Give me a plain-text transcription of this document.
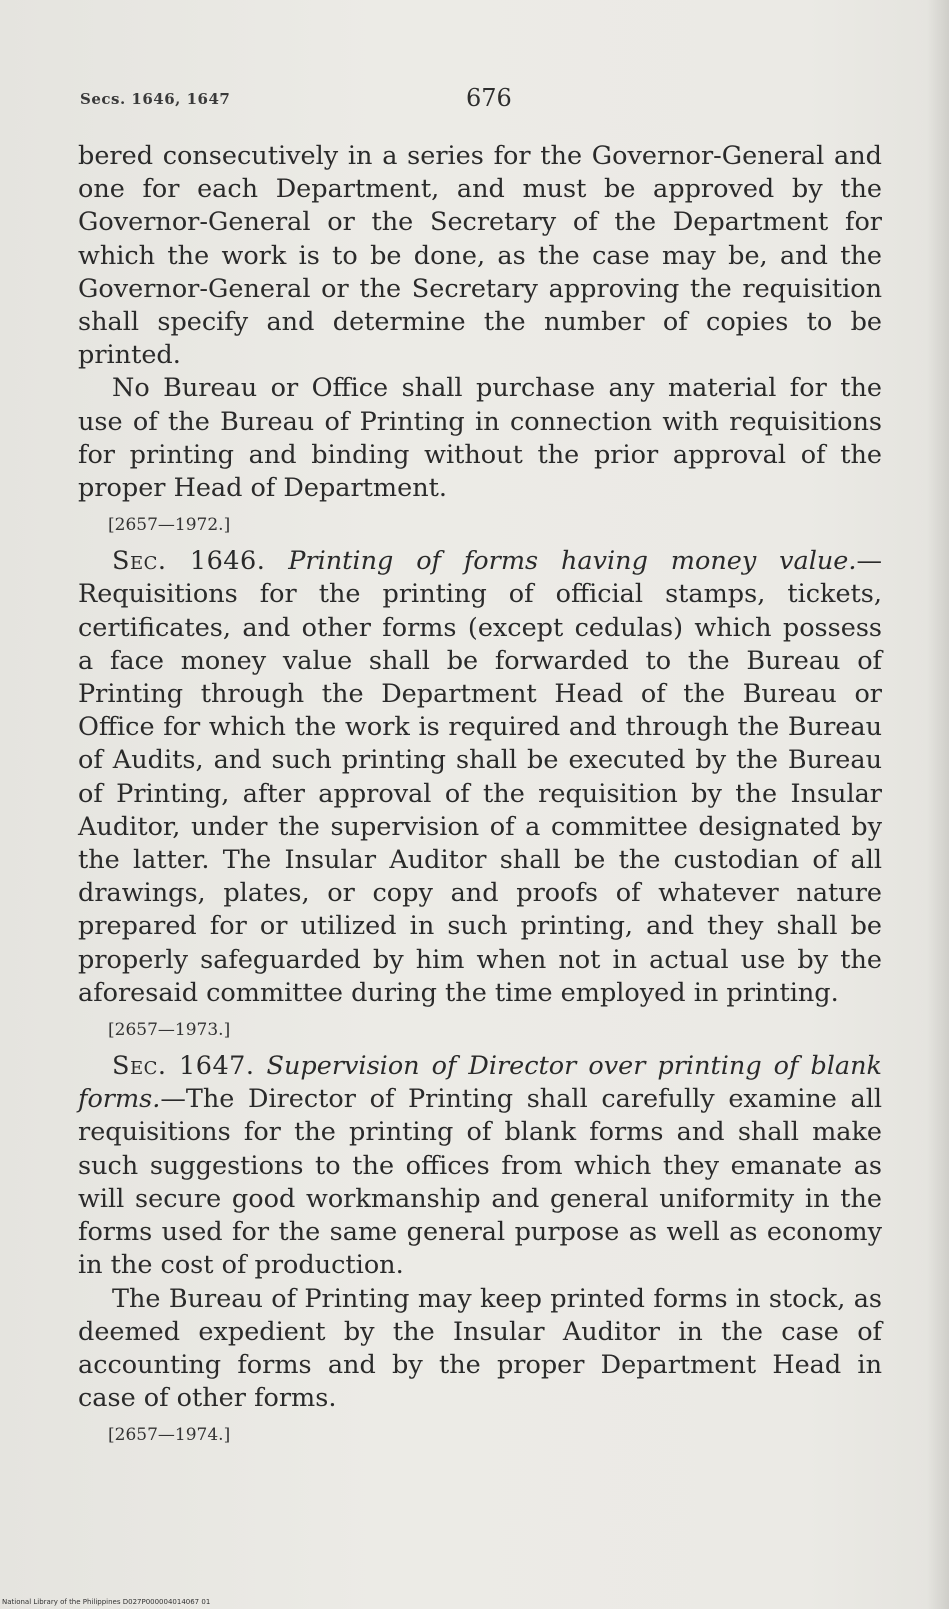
Secs. 1646, 1647	676

bered consecutively in a series for the Governor-General and one for each Department, and must be approved by the Governor-General or the Secretary of the Department for which the work is to be done, as the case may be, and the Governor-General or the Secretary approving the requisition shall specify and determine the number of copies to be printed.

No Bureau or Office shall purchase any material for the use of the Bureau of Printing in connection with requisitions for printing and binding without the prior approval of the proper Head of Department.

[2657—1972.]

Sec. 1646. Printing of forms having money value.—Requisitions for the printing of official stamps, tickets, certificates, and other forms (except cedulas) which possess a face money value shall be forwarded to the Bureau of Printing through the Department Head of the Bureau or Office for which the work is required and through the Bureau of Audits, and such printing shall be executed by the Bureau of Printing, after approval of the requisition by the Insular Auditor, under the supervision of a committee designated by the latter. The Insular Auditor shall be the custodian of all drawings, plates, or copy and proofs of whatever nature prepared for or utilized in such printing, and they shall be properly safeguarded by him when not in actual use by the aforesaid committee during the time employed in printing.

[2657—1973.]

Sec. 1647. Supervision of Director over printing of blank forms.—The Director of Printing shall carefully examine all requisitions for the printing of blank forms and shall make such suggestions to the offices from which they emanate as will secure good workmanship and general uniformity in the forms used for the same general purpose as well as economy in the cost of production.

The Bureau of Printing may keep printed forms in stock, as deemed expedient by the Insular Auditor in the case of accounting forms and by the proper Department Head in case of other forms.

[2657—1974.]
National Library of the Philippines D027P000004014067 01
